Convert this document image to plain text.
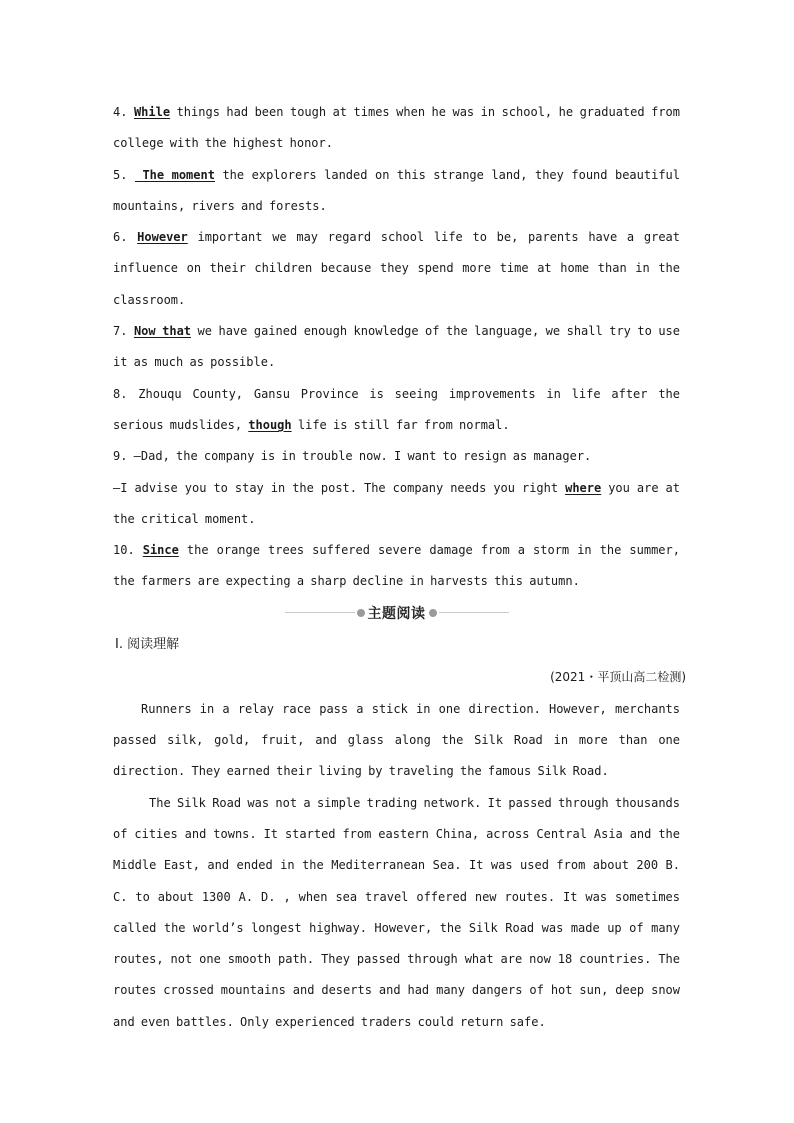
4. While things had been tough at times when he was in school, he graduated from college with the highest honor.

5.  The moment the explorers landed on this strange land, they found beautiful mountains, rivers and forests.

6. However important we may regard school life to be, parents have a great influence on their children because they spend more time at home than in the classroom.

7. Now that we have gained enough knowledge of the language, we shall try to use it as much as possible.

8. Zhouqu County, Gansu Province is seeing improvements in life after the serious mudslides, though life is still far from normal.

9. —Dad, the company is in trouble now. I want to resign as manager.

—I advise you to stay in the post. The company needs you right where you are at the critical moment.

10. Since the orange trees suffered severe damage from a storm in the summer, the farmers are expecting a sharp decline in harvests this autumn.

主题阅读

Ⅰ. 阅读理解

(2021・平顶山高二检测)

Runners in a relay race pass a stick in one direction. However, merchants passed silk, gold, fruit, and glass along the Silk Road in more than one direction. They earned their living by traveling the famous Silk Road.

The Silk Road was not a simple trading network. It passed through thousands of cities and towns. It started from eastern China, across Central Asia and the Middle East, and ended in the Mediterranean Sea. It was used from about 200 B. C. to about 1300 A. D. , when sea travel offered new routes. It was sometimes called the world’s longest highway. However, the Silk Road was made up of many routes, not one smooth path. They passed through what are now 18 countries. The routes crossed mountains and deserts and had many dangers of hot sun, deep snow and even battles. Only experienced traders could return safe.
